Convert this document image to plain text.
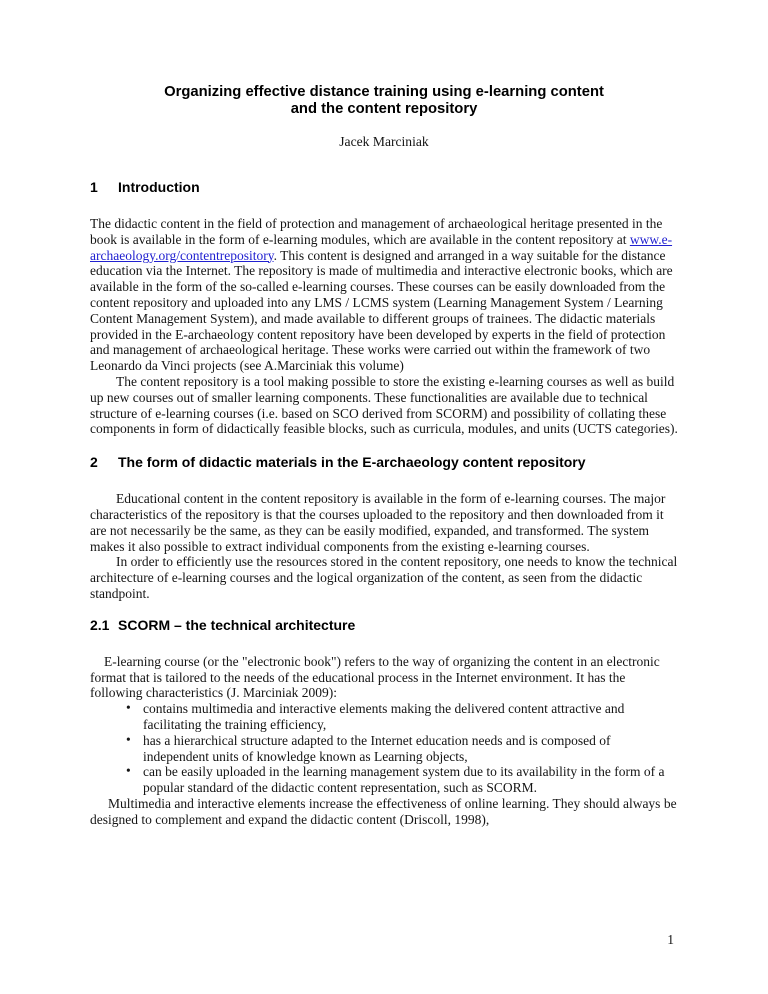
Organizing effective distance training using e-learning content
and the content repository
Jacek Marciniak
1	Introduction

The didactic content in the field of protection and management of archaeological heritage presented in the book is available in the form of e-learning modules, which are available in the content repository at www.e-archaeology.org/contentrepository. This content is designed and arranged in a way suitable for the distance education via the Internet. The repository is made of multimedia and interactive electronic books, which are available in the form of the so-called e-learning courses. These courses can be easily downloaded from the content repository and uploaded into any LMS / LCMS system (Learning Management System / Learning Content Management System), and made available to different groups of trainees. The didactic materials provided in the E-archaeology content repository have been developed by experts in the field of protection and management of archaeological heritage. These works were carried out within the framework of two Leonardo da Vinci projects (see A.Marciniak this volume)

The content repository is a tool making possible to store the existing e-learning courses as well as build up new courses out of smaller learning components. These functionalities are available due to technical structure of e-learning courses (i.e. based on SCO derived from SCORM) and possibility of collating these components in form of didactically feasible blocks, such as curricula, modules, and units (UCTS categories).

2	The form of didactic materials in the E-archaeology content repository

Educational content in the content repository is available in the form of e-learning courses. The major characteristics of the repository is that the courses uploaded to the repository and then downloaded from it are not necessarily be the same, as they can be easily modified, expanded, and transformed. The system makes it also possible to extract individual components from the existing e-learning courses.

In order to efficiently use the resources stored in the content repository, one needs to know the technical architecture of e-learning courses and the logical organization of the content, as seen from the didactic standpoint.

2.1 SCORM – the technical architecture

E-learning course (or the "electronic book") refers to the way of organizing the content in an electronic format that is tailored to the needs of the educational process in the Internet environment. It has the following characteristics (J. Marciniak 2009):

• contains multimedia and interactive elements making the delivered content attractive and facilitating the training efficiency,
• has a hierarchical structure adapted to the Internet education needs and is composed of independent units of knowledge known as Learning objects,
• can be easily uploaded in the learning management system due to its availability in the form of a popular standard of the didactic content representation, such as SCORM.

Multimedia and interactive elements increase the effectiveness of online learning. They should always be designed to complement and expand the didactic content (Driscoll, 1998),

1
